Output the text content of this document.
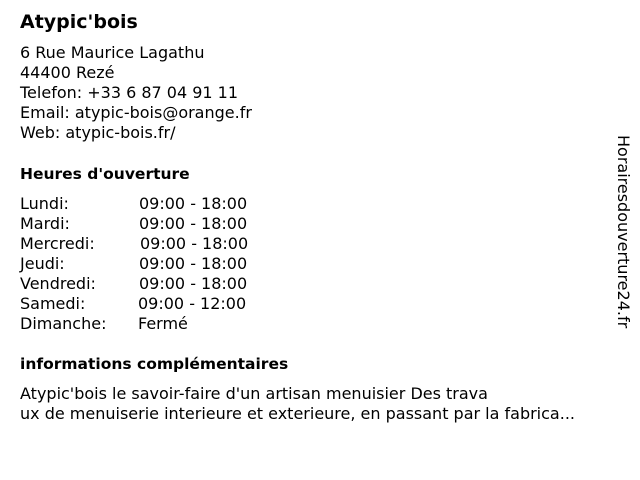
Atypic'bois
6 Rue Maurice Lagathu
44400 Rezé
Telefon: +33 6 87 04 91 11
Email: atypic-bois@orange.fr
Web: atypic-bois.fr/
Heures d'ouverture
Lundi:	09:00 - 18:00
Mardi:	09:00 - 18:00
Mercredi:	09:00 - 18:00
Jeudi:	09:00 - 18:00
Vendredi:	09:00 - 18:00
Samedi:	09:00 - 12:00
Dimanche: Fermé
informations complémentaires
Atypic'bois le savoir-faire d'un artisan menuisier Des trava
ux de menuiserie interieure et exterieure, en passant par la fabrica...
Horairesdouverture24.fr
